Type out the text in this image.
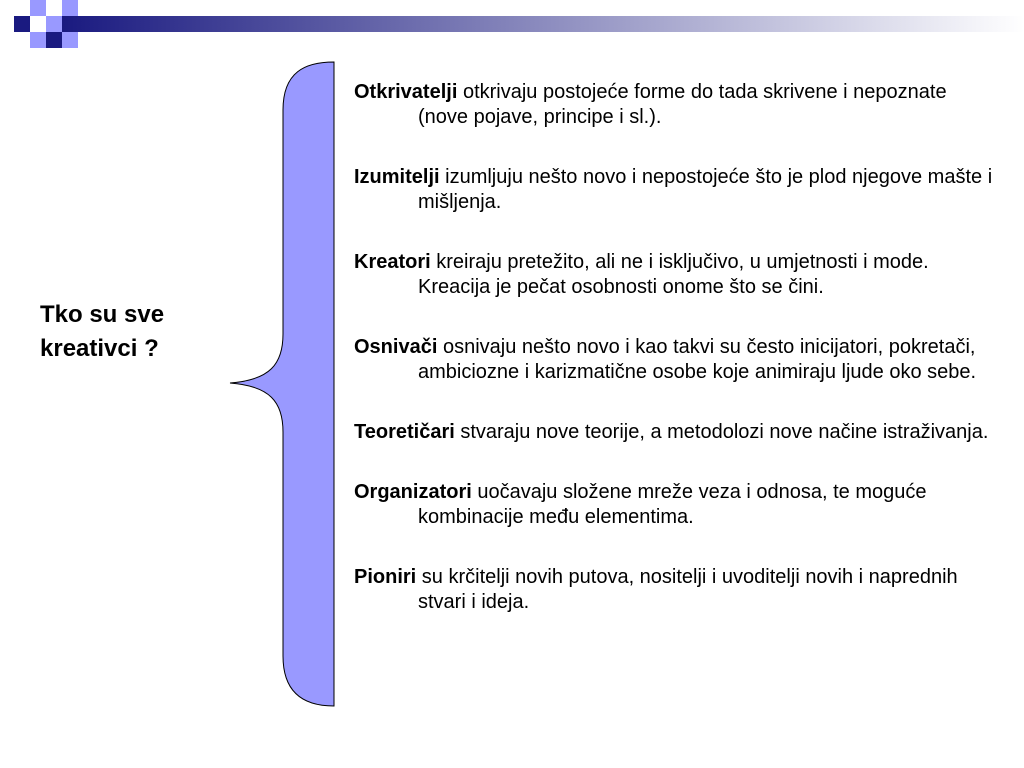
Tko su sve kreativci ?

Otkrivatelji otkrivaju postojeće forme do tada skrivene i nepoznate (nove pojave, principe i sl.).
Izumitelji izumljuju nešto novo i nepostojeće što je plod njegove mašte i mišljenja.
Kreatori kreiraju pretežito, ali ne i isključivo, u umjetnosti i mode. Kreacija je pečat osobnosti onome što se čini.
Osnivači osnivaju nešto novo i kao takvi su često inicijatori, pokretači, ambiciozne i karizmatične osobe koje animiraju ljude oko sebe.
Teoretičari stvaraju nove teorije, a metodolozi nove načine istraživanja.
Organizatori uočavaju složene mreže veza i odnosa, te moguće kombinacije među elementima.
Pioniri su krčitelji novih putova, nositelji i uvoditelji novih i naprednih stvari i ideja.
